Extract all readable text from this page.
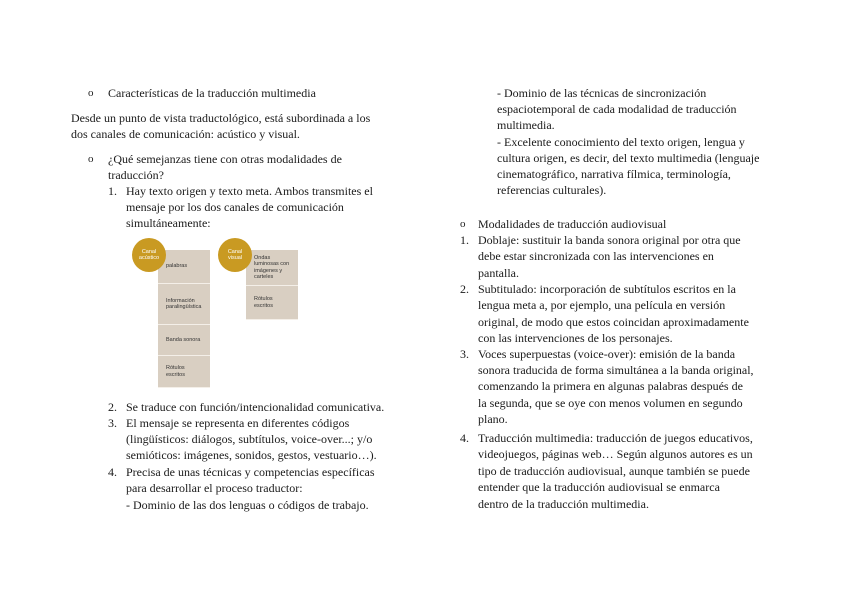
o Características de la traducción multimedia
Desde un punto de vista traductológico, está subordinada a los
dos canales de comunicación: acústico y visual.
o ¿Qué semejanzas tiene con otras modalidades de
traducción?
1. Hay texto origen y texto meta. Ambos transmites el
mensaje por los dos canales de comunicación
simultáneamente:
palabras
Información
paralingüística
Banda sonora
Rótulos
escritos
Canal
acústico	Ondas
luminosas con
imágenes y
carteles
Rótulos
escritos
Canal
visual
2. Se traduce con función/intencionalidad comunicativa.
3. El mensaje se representa en diferentes códigos
(lingüísticos: diálogos, subtítulos, voice-over...; y/o
semióticos: imágenes, sonidos, gestos, vestuario…).
4. Precisa de unas técnicas y competencias específicas
para desarrollar el proceso traductor:
- Dominio de las dos lenguas o códigos de trabajo.
- Dominio de las técnicas de sincronización
espaciotemporal de cada modalidad de traducción
multimedia.
- Excelente conocimiento del texto origen, lengua y
cultura origen, es decir, del texto multimedia (lenguaje
cinematográfico, narrativa fílmica, terminología,
referencias culturales).
o Modalidades de traducción audiovisual
1. Doblaje: sustituir la banda sonora original por otra que
debe estar sincronizada con las intervenciones en
pantalla.
2. Subtitulado: incorporación de subtítulos escritos en la
lengua meta a, por ejemplo, una película en versión
original, de modo que estos coincidan aproximadamente
con las intervenciones de los personajes.
3. Voces superpuestas (voice-over): emisión de la banda
sonora traducida de forma simultánea a la banda original,
comenzando la primera en algunas palabras después de
la segunda, que se oye con menos volumen en segundo
plano.
4. Traducción multimedia: traducción de juegos educativos,
videojuegos, páginas web… Según algunos autores es un
tipo de traducción audiovisual, aunque también se puede
entender que la traducción audiovisual se enmarca
dentro de la traducción multimedia.
